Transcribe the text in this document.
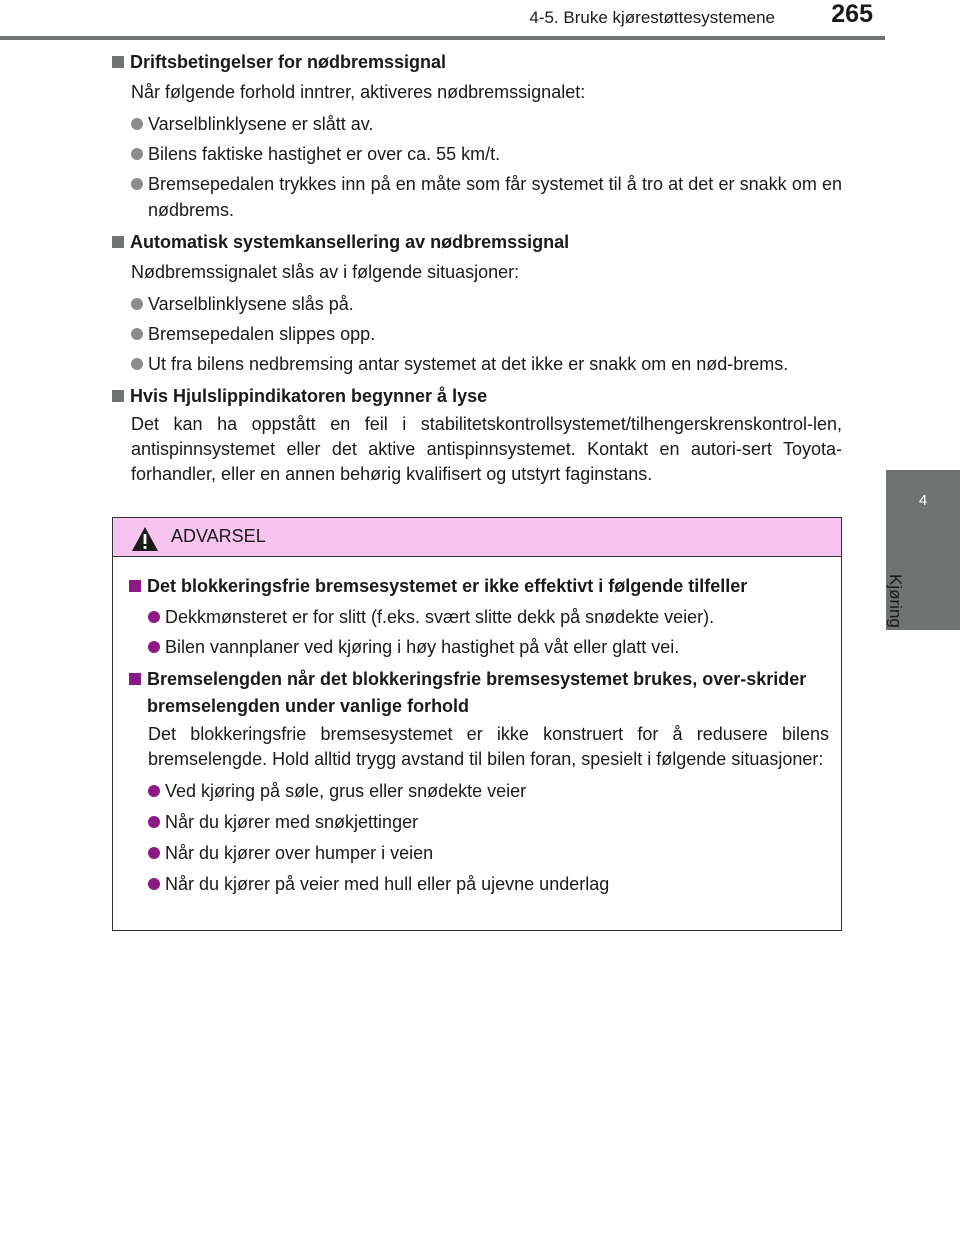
4-5. Bruke kjørestøttesystemene 265
4
Kjøring
Driftsbetingelser for nødbremssignal
Når følgende forhold inntrer, aktiveres nødbremssignalet:
Varselblinklysene er slått av.
Bilens faktiske hastighet er over ca. 55 km/t.
Bremsepedalen trykkes inn på en måte som får systemet til å tro at det er snakk om en nødbrems.
Automatisk systemkansellering av nødbremssignal
Nødbremssignalet slås av i følgende situasjoner:
Varselblinklysene slås på.
Bremsepedalen slippes opp.
Ut fra bilens nedbremsing antar systemet at det ikke er snakk om en nød-brems.
Hvis Hjulslippindikatoren begynner å lyse
Det kan ha oppstått en feil i stabilitetskontrollsystemet/tilhengerskrenskontrol-len, antispinnsystemet eller det aktive antispinnsystemet. Kontakt en autori-sert Toyota-forhandler, eller en annen behørig kvalifisert og utstyrt faginstans.
ADVARSEL
Det blokkeringsfrie bremsesystemet er ikke effektivt i følgende tilfeller
Dekkmønsteret er for slitt (f.eks. svært slitte dekk på snødekte veier).
Bilen vannplaner ved kjøring i høy hastighet på våt eller glatt vei.
Bremselengden når det blokkeringsfrie bremsesystemet brukes, over-skrider bremselengden under vanlige forhold
Det blokkeringsfrie bremsesystemet er ikke konstruert for å redusere bilens bremselengde. Hold alltid trygg avstand til bilen foran, spesielt i følgende situasjoner:
Ved kjøring på søle, grus eller snødekte veier
Når du kjører med snøkjettinger
Når du kjører over humper i veien
Når du kjører på veier med hull eller på ujevne underlag
